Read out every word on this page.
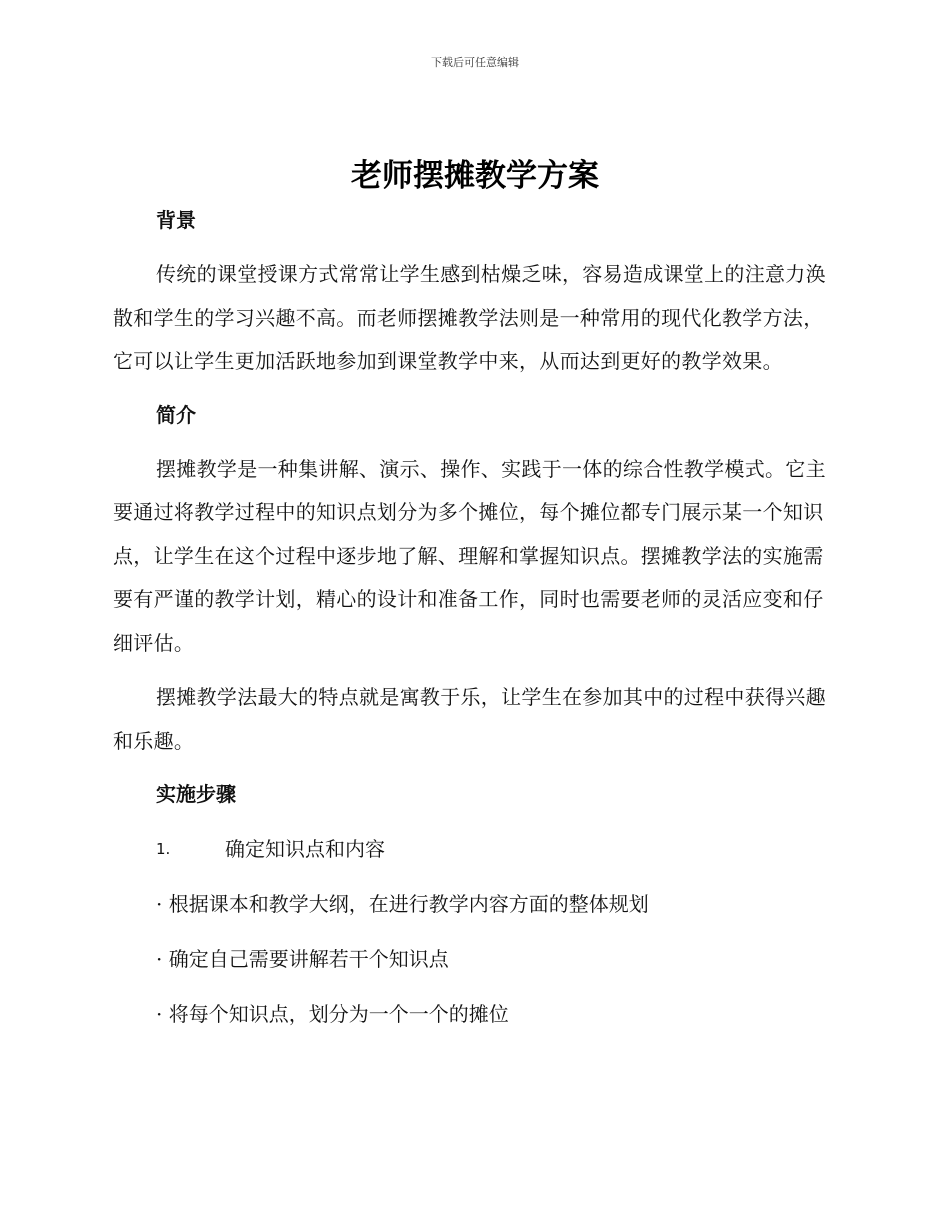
下载后可任意编辑
老师摆摊教学方案
背景

传统的课堂授课方式常常让学生感到枯燥乏味，容易造成课堂上的注意力涣散和学生的学习兴趣不高。而老师摆摊教学法则是一种常用的现代化教学方法，它可以让学生更加活跃地参加到课堂教学中来，从而达到更好的教学效果。

简介

摆摊教学是一种集讲解、演示、操作、实践于一体的综合性教学模式。它主要通过将教学过程中的知识点划分为多个摊位，每个摊位都专门展示某一个知识点，让学生在这个过程中逐步地了解、理解和掌握知识点。摆摊教学法的实施需要有严谨的教学计划，精心的设计和准备工作，同时也需要老师的灵活应变和仔细评估。

摆摊教学法最大的特点就是寓教于乐，让学生在参加其中的过程中获得兴趣和乐趣。

实施步骤
1.	确定知识点和内容
· 根据课本和教学大纲，在进行教学内容方面的整体规划
· 确定自己需要讲解若干个知识点
· 将每个知识点，划分为一个一个的摊位
